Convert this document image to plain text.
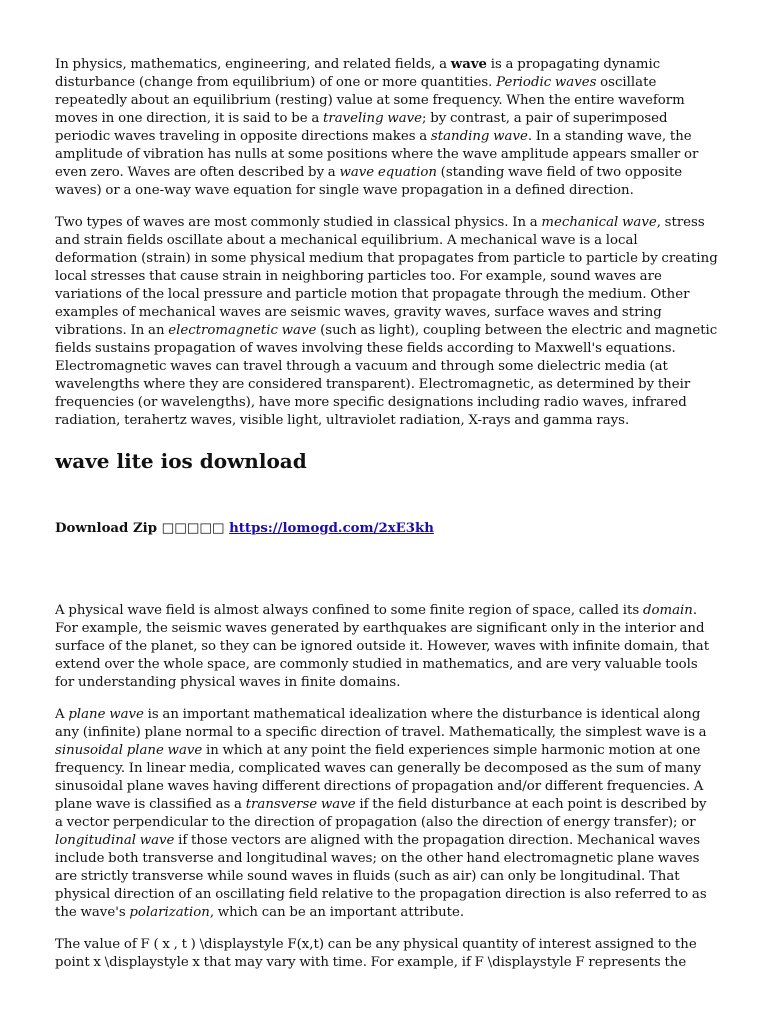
In physics, mathematics, engineering, and related fields, a wave is a propagating dynamic disturbance (change from equilibrium) of one or more quantities. Periodic waves oscillate repeatedly about an equilibrium (resting) value at some frequency. When the entire waveform moves in one direction, it is said to be a traveling wave; by contrast, a pair of superimposed periodic waves traveling in opposite directions makes a standing wave. In a standing wave, the amplitude of vibration has nulls at some positions where the wave amplitude appears smaller or even zero. Waves are often described by a wave equation (standing wave field of two opposite waves) or a one-way wave equation for single wave propagation in a defined direction.

Two types of waves are most commonly studied in classical physics. In a mechanical wave, stress and strain fields oscillate about a mechanical equilibrium. A mechanical wave is a local deformation (strain) in some physical medium that propagates from particle to particle by creating local stresses that cause strain in neighboring particles too. For example, sound waves are variations of the local pressure and particle motion that propagate through the medium. Other examples of mechanical waves are seismic waves, gravity waves, surface waves and string vibrations. In an electromagnetic wave (such as light), coupling between the electric and magnetic fields sustains propagation of waves involving these fields according to Maxwell's equations. Electromagnetic waves can travel through a vacuum and through some dielectric media (at wavelengths where they are considered transparent). Electromagnetic, as determined by their frequencies (or wavelengths), have more specific designations including radio waves, infrared radiation, terahertz waves, visible light, ultraviolet radiation, X-rays and gamma rays.

wave lite ios download
Download Zip □□□□□ https://lomogd.com/2xE3kh

A physical wave field is almost always confined to some finite region of space, called its domain. For example, the seismic waves generated by earthquakes are significant only in the interior and surface of the planet, so they can be ignored outside it. However, waves with infinite domain, that extend over the whole space, are commonly studied in mathematics, and are very valuable tools for understanding physical waves in finite domains.

A plane wave is an important mathematical idealization where the disturbance is identical along any (infinite) plane normal to a specific direction of travel. Mathematically, the simplest wave is a sinusoidal plane wave in which at any point the field experiences simple harmonic motion at one frequency. In linear media, complicated waves can generally be decomposed as the sum of many sinusoidal plane waves having different directions of propagation and/or different frequencies. A plane wave is classified as a transverse wave if the field disturbance at each point is described by a vector perpendicular to the direction of propagation (also the direction of energy transfer); or longitudinal wave if those vectors are aligned with the propagation direction. Mechanical waves include both transverse and longitudinal waves; on the other hand electromagnetic plane waves are strictly transverse while sound waves in fluids (such as air) can only be longitudinal. That physical direction of an oscillating field relative to the propagation direction is also referred to as the wave's polarization, which can be an important attribute.

The value of F ( x , t ) \displaystyle F(x,t) can be any physical quantity of interest assigned to the point x \displaystyle x that may vary with time. For example, if F \displaystyle F represents the
